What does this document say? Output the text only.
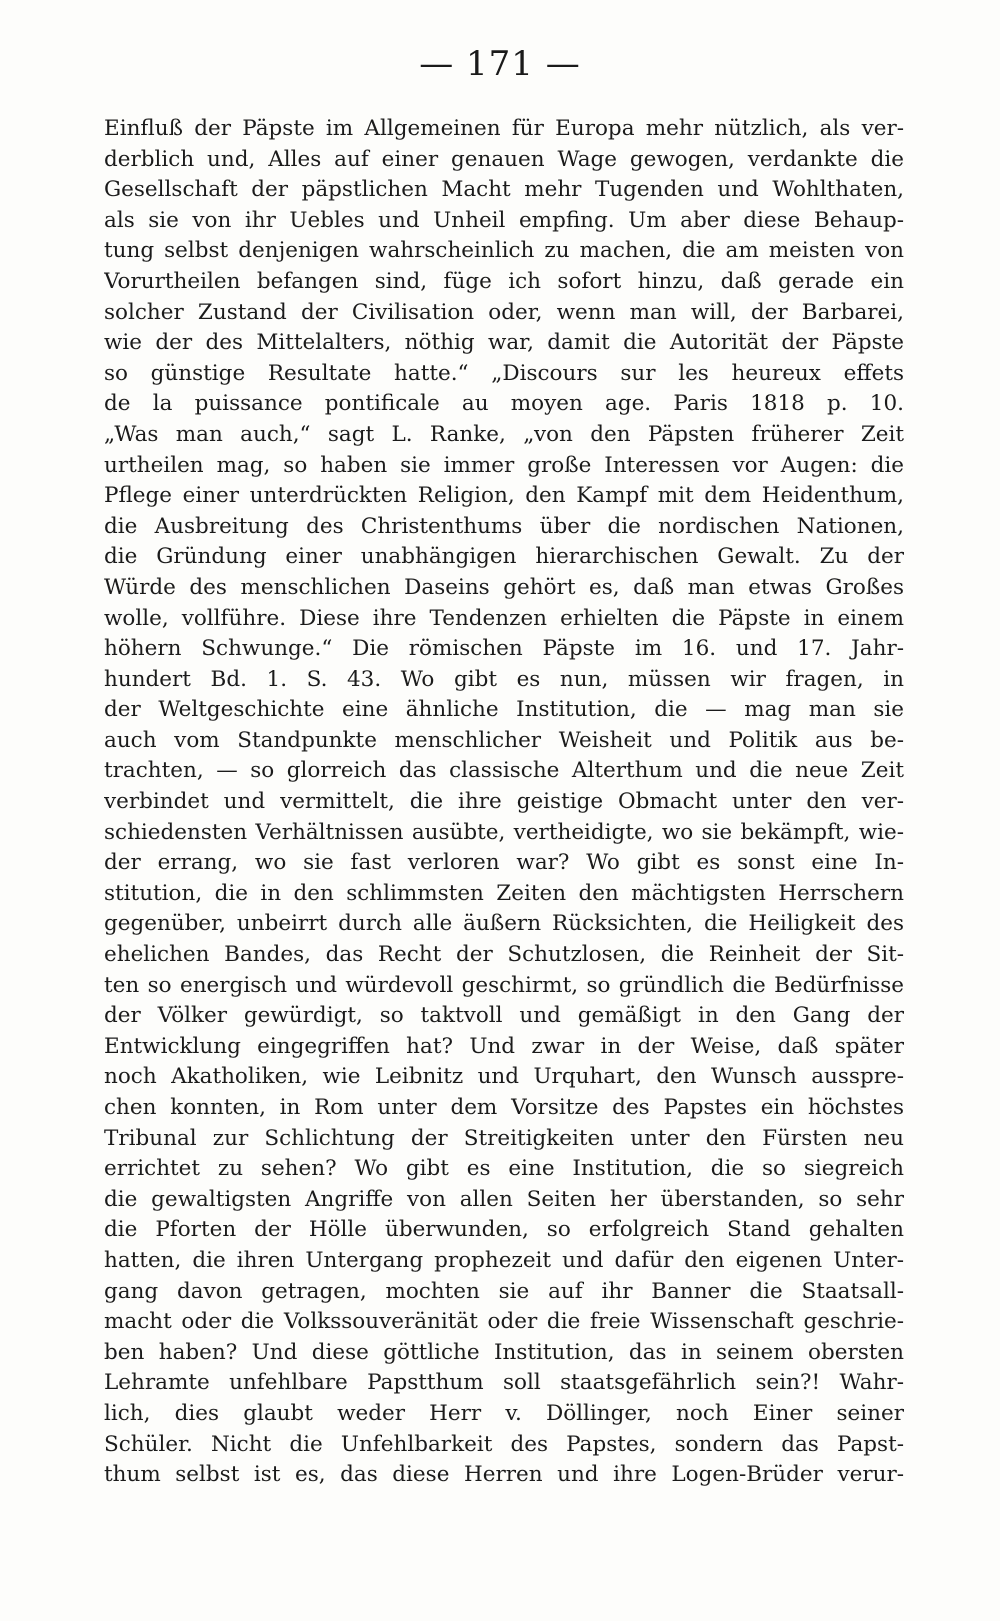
— 171 —
Einfluß der Päpste im Allgemeinen für Europa mehr nützlich, als ver-
derblich und, Alles auf einer genauen Wage gewogen, verdankte die
Gesellschaft der päpstlichen Macht mehr Tugenden und Wohlthaten,
als sie von ihr Uebles und Unheil empfing. Um aber diese Behaup-
tung selbst denjenigen wahrscheinlich zu machen, die am meisten von
Vorurtheilen befangen sind, füge ich sofort hinzu, daß gerade ein
solcher Zustand der Civilisation oder, wenn man will, der Barbarei,
wie der des Mittelalters, nöthig war, damit die Autorität der Päpste
so günstige Resultate hatte.“ „Discours sur les heureux effets
de la puissance pontificale au moyen age. Paris 1818 p. 10.
„Was man auch,“ sagt L. Ranke, „von den Päpsten früherer Zeit
urtheilen mag, so haben sie immer große Interessen vor Augen: die
Pflege einer unterdrückten Religion, den Kampf mit dem Heidenthum,
die Ausbreitung des Christenthums über die nordischen Nationen,
die Gründung einer unabhängigen hierarchischen Gewalt. Zu der
Würde des menschlichen Daseins gehört es, daß man etwas Großes
wolle, vollführe. Diese ihre Tendenzen erhielten die Päpste in einem
höhern Schwunge.“ Die römischen Päpste im 16. und 17. Jahr-
hundert Bd. 1. S. 43. Wo gibt es nun, müssen wir fragen, in
der Weltgeschichte eine ähnliche Institution, die — mag man sie
auch vom Standpunkte menschlicher Weisheit und Politik aus be-
trachten, — so glorreich das classische Alterthum und die neue Zeit
verbindet und vermittelt, die ihre geistige Obmacht unter den ver-
schiedensten Verhältnissen ausübte, vertheidigte, wo sie bekämpft, wie-
der errang, wo sie fast verloren war? Wo gibt es sonst eine In-
stitution, die in den schlimmsten Zeiten den mächtigsten Herrschern
gegenüber, unbeirrt durch alle äußern Rücksichten, die Heiligkeit des
ehelichen Bandes, das Recht der Schutzlosen, die Reinheit der Sit-
ten so energisch und würdevoll geschirmt, so gründlich die Bedürfnisse
der Völker gewürdigt, so taktvoll und gemäßigt in den Gang der
Entwicklung eingegriffen hat? Und zwar in der Weise, daß später
noch Akatholiken, wie Leibnitz und Urquhart, den Wunsch aussprе-
chen konnten, in Rom unter dem Vorsitze des Papstes ein höchstes
Tribunal zur Schlichtung der Streitigkeiten unter den Fürsten neu
errichtet zu sehen? Wo gibt es eine Institution, die so siegreich
die gewaltigsten Angriffe von allen Seiten her überstanden, so sehr
die Pforten der Hölle überwunden, so erfolgreich Stand gehalten
hatten, die ihren Untergang prophezeit und dafür den eigenen Unter-
gang davon getragen, mochten sie auf ihr Banner die Staatsall-
macht oder die Volkssouveränität oder die freie Wissenschaft geschrie-
ben haben? Und diese göttliche Institution, das in seinem obersten
Lehramte unfehlbare Papstthum soll staatsgefährlich sein?! Wahr-
lich, dies glaubt weder Herr v. Döllinger, noch Einer seiner
Schüler. Nicht die Unfehlbarkeit des Papstes, sondern das Papst-
thum selbst ist es, das diese Herren und ihre Logen-Brüder verur-
